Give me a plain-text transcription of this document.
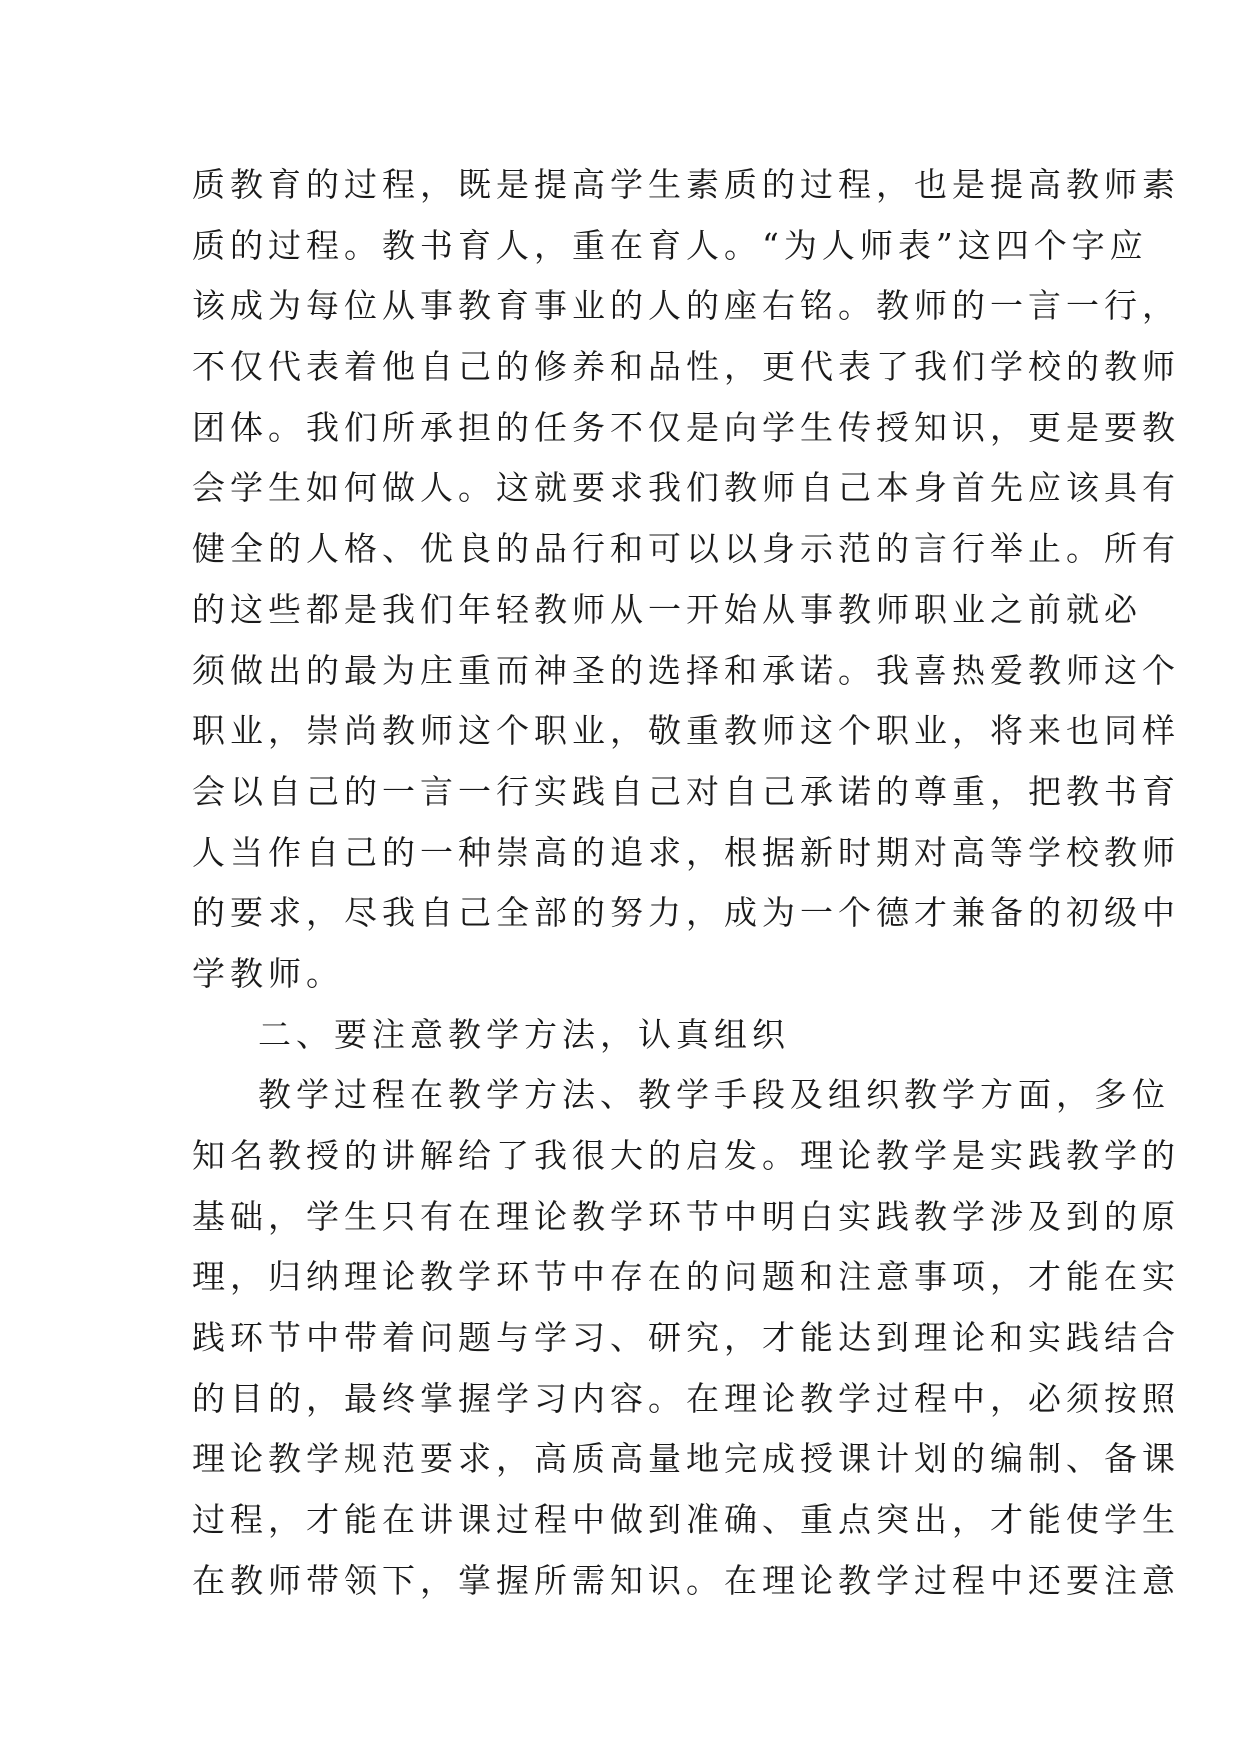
质教育的过程，既是提高学生素质的过程，也是提高教师素
质的过程。教书育人，重在育人。“为人师表”这四个字应
该成为每位从事教育事业的人的座右铭。教师的一言一行，
不仅代表着他自己的修养和品性，更代表了我们学校的教师
团体。我们所承担的任务不仅是向学生传授知识，更是要教
会学生如何做人。这就要求我们教师自己本身首先应该具有
健全的人格、优良的品行和可以以身示范的言行举止。所有
的这些都是我们年轻教师从一开始从事教师职业之前就必
须做出的最为庄重而神圣的选择和承诺。我喜热爱教师这个
职业，崇尚教师这个职业，敬重教师这个职业，将来也同样
会以自己的一言一行实践自己对自己承诺的尊重，把教书育
人当作自己的一种崇高的追求，根据新时期对高等学校教师
的要求，尽我自己全部的努力，成为一个德才兼备的初级中
学教师。
二、要注意教学方法，认真组织
教学过程在教学方法、教学手段及组织教学方面，多位
知名教授的讲解给了我很大的启发。理论教学是实践教学的
基础，学生只有在理论教学环节中明白实践教学涉及到的原
理，归纳理论教学环节中存在的问题和注意事项，才能在实
践环节中带着问题与学习、研究，才能达到理论和实践结合
的目的，最终掌握学习内容。在理论教学过程中，必须按照
理论教学规范要求，高质高量地完成授课计划的编制、备课
过程，才能在讲课过程中做到准确、重点突出，才能使学生
在教师带领下，掌握所需知识。在理论教学过程中还要注意
